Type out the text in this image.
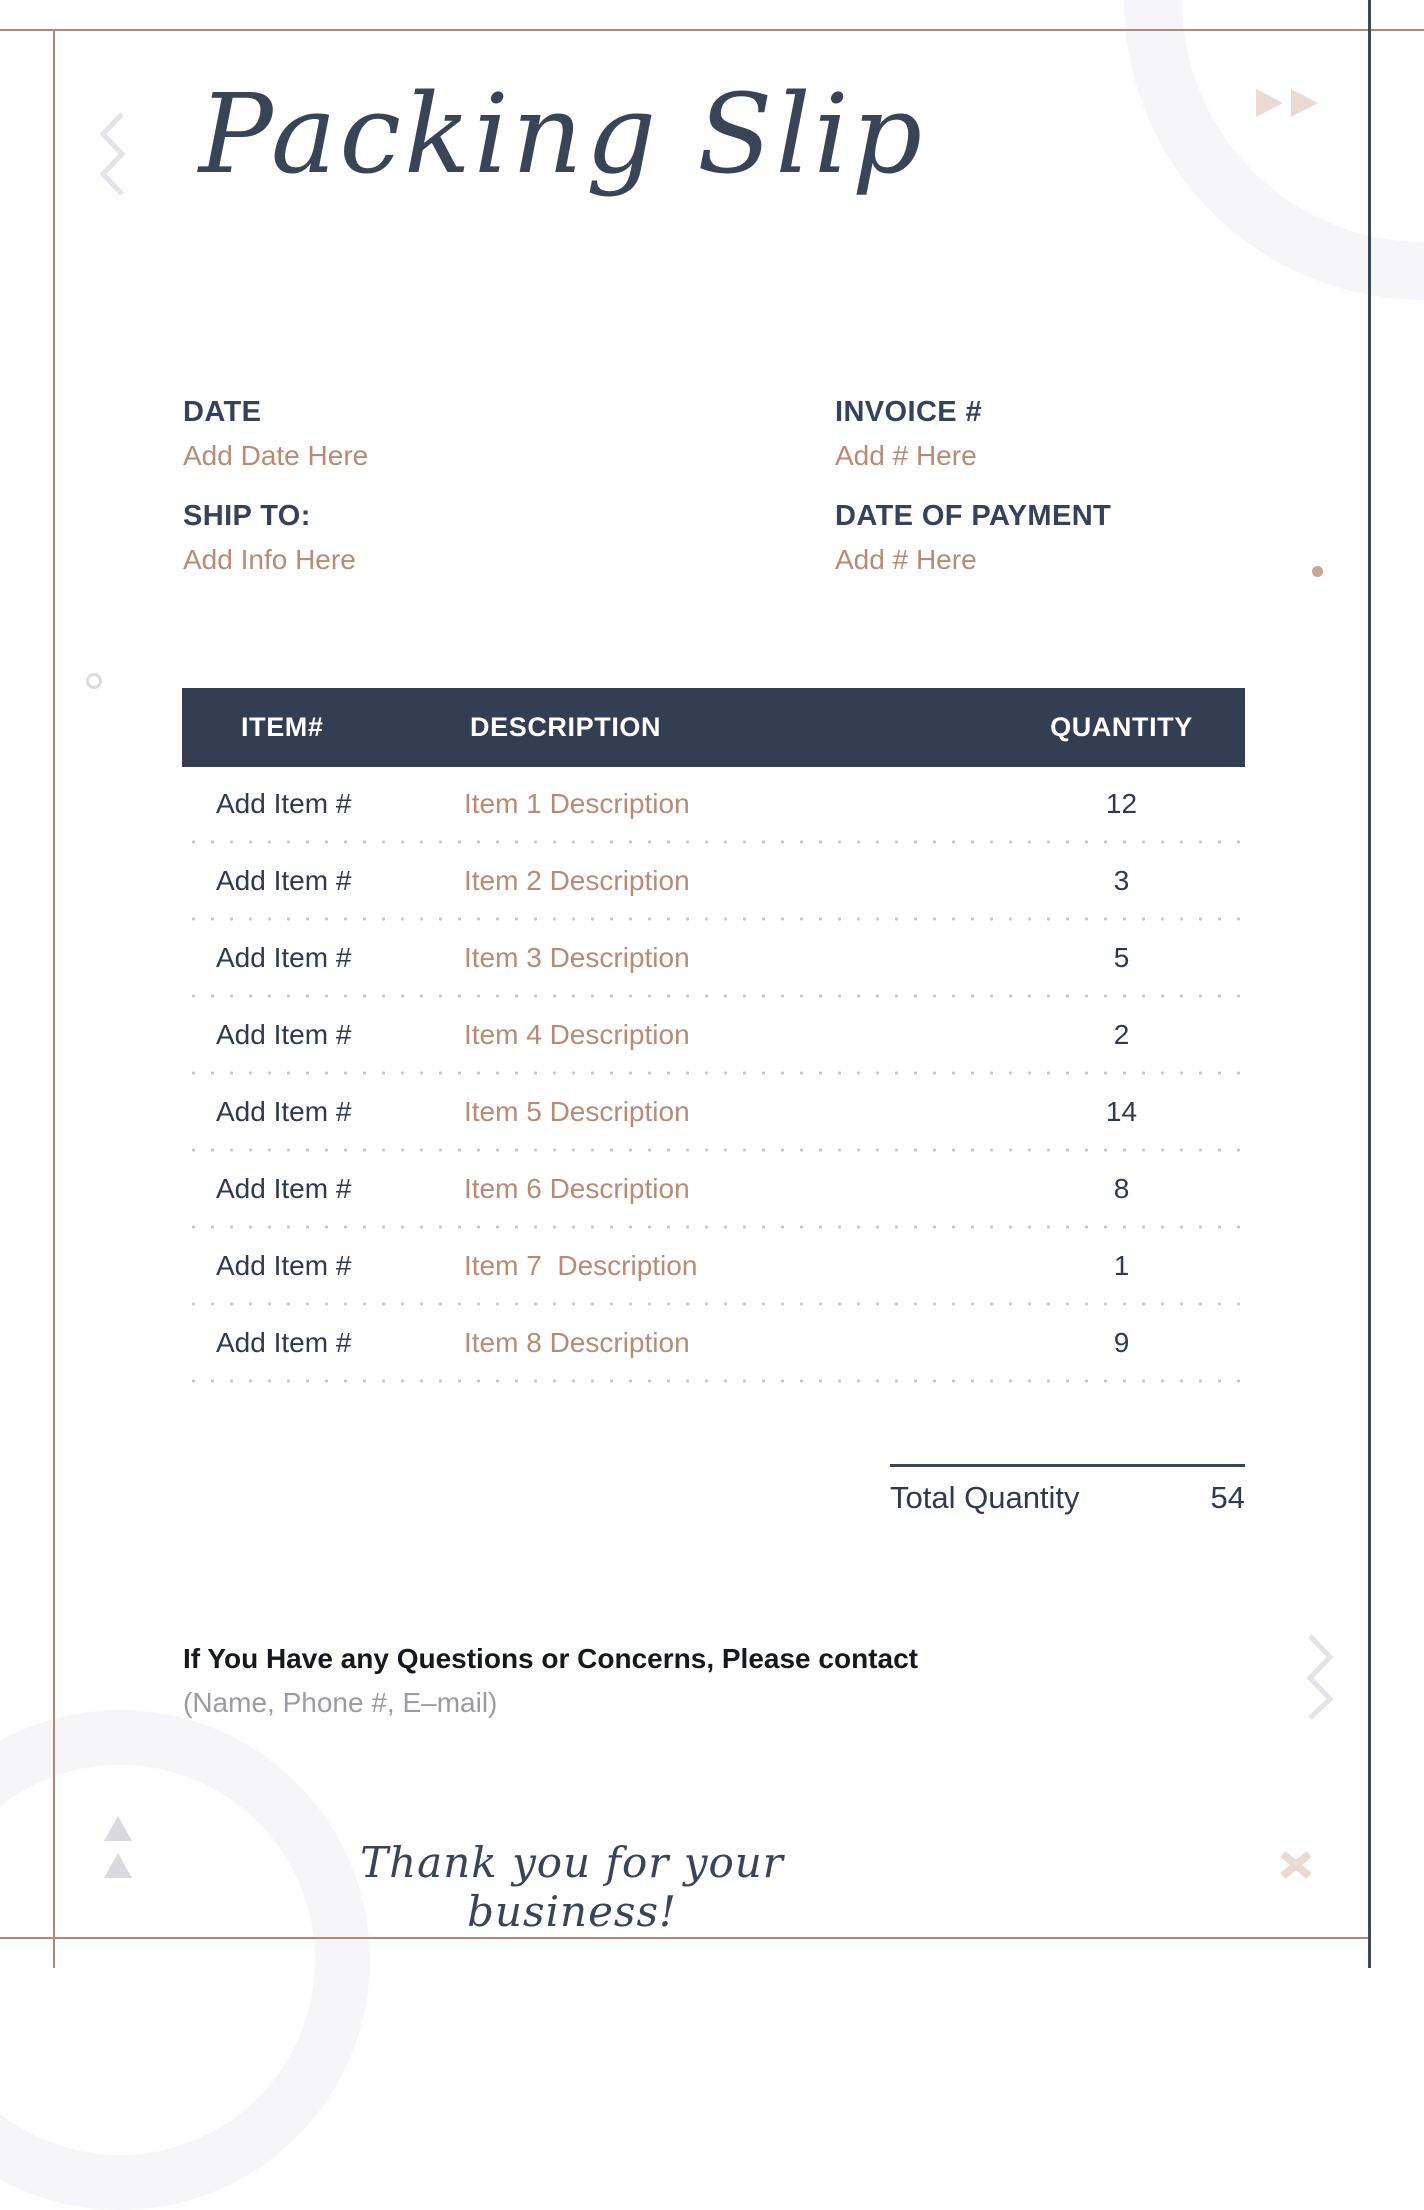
Packing Slip
DATE
Add Date Here
INVOICE #
Add # Here
SHIP TO:
Add Info Here
DATE OF PAYMENT
Add # Here
ITEM#	DESCRIPTION	QUANTITY
Add Item #	Item 1 Description	12
Add Item #	Item 2 Description	3
Add Item #	Item 3 Description	5
Add Item #	Item 4 Description	2
Add Item #	Item 5 Description	14
Add Item #	Item 6 Description	8
Add Item #	Item 7  Description	1
Add Item #	Item 8 Description	9
Total Quantity	54
If You Have any Questions or Concerns, Please contact
(Name, Phone #, E–mail)
Thank you for your business!
